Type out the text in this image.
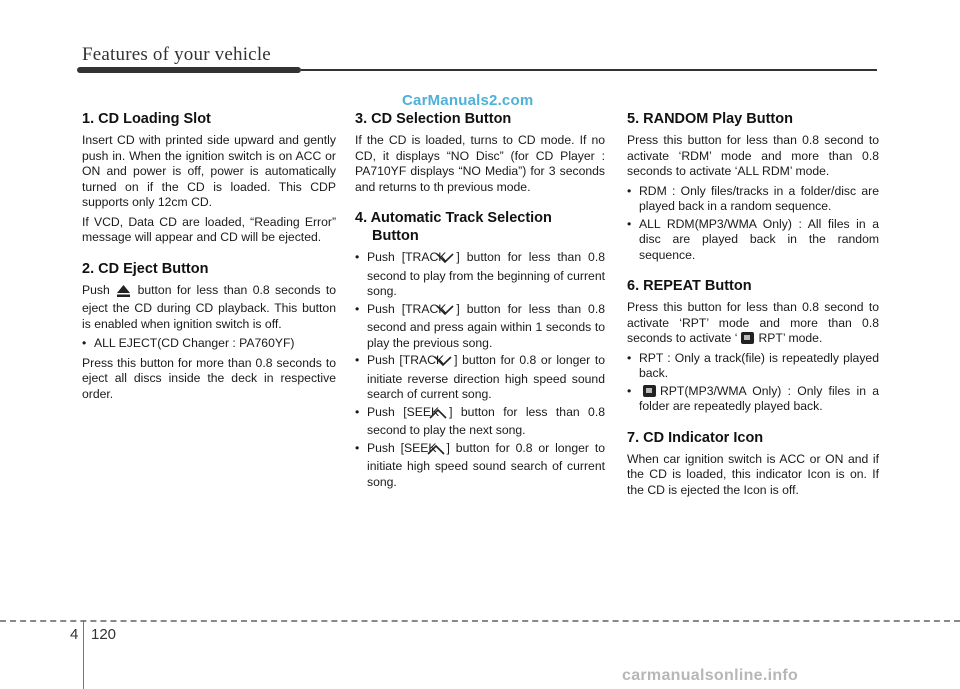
Features of your vehicle
CarManuals2.com
1. CD Loading Slot

Insert CD with printed side upward and gently push in. When the ignition switch is on ACC or ON and power is off, power is automatically turned on if the CD is loaded. This CDP supports only 12cm CD.

If VCD, Data CD are loaded, “Reading Error” message will appear and CD will be ejected.

2. CD Eject Button

Push button for less than 0.8 seconds to eject the CD during CD playback. This button is enabled when ignition switch is off.

• ALL EJECT(CD Changer : PA760YF)

Press this button for more than 0.8 seconds to eject all discs inside the deck in respective order.

3. CD Selection Button

If the CD is loaded, turns to CD mode. If no CD, it displays “NO Disc” (for CD Player : PA710YF displays “NO Media”) for 3 seconds and returns to th previous mode.

4. Automatic Track Selection
Button
• Push [TRACK ] button for less than 0.8 second to play from the beginning of current song.
• Push [TRACK ] button for less than 0.8 second and press again within 1 seconds to play the previous song.
• Push [TRACK ] button for 0.8 or longer to initiate reverse direction high speed sound search of current song.
• Push [SEEK ] button for less than 0.8 second to play the next song.
• Push [SEEK ] button for 0.8 or longer to initiate high speed sound search of current song.
5. RANDOM Play Button

Press this button for less than 0.8 second to activate ‘RDM’ mode and more than 0.8 seconds to activate ‘ALL RDM’ mode.

• RDM : Only files/tracks in a folder/disc are played back in a random sequence.
• ALL RDM(MP3/WMA Only) : All files in a disc are played back in the random sequence.
6. REPEAT Button

Press this button for less than 0.8 second to activate ‘RPT’ mode and more than 0.8 seconds to activate ‘ RPT’ mode.

• RPT : Only a track(file) is repeatedly played back.
• RPT(MP3/WMA Only) : Only files in a folder are repeatedly played back.
7. CD Indicator Icon

When car ignition switch is ACC or ON and if the CD is loaded, this indicator Icon is on. If the CD is ejected the Icon is off.

4 120
carmanualsonline.info
